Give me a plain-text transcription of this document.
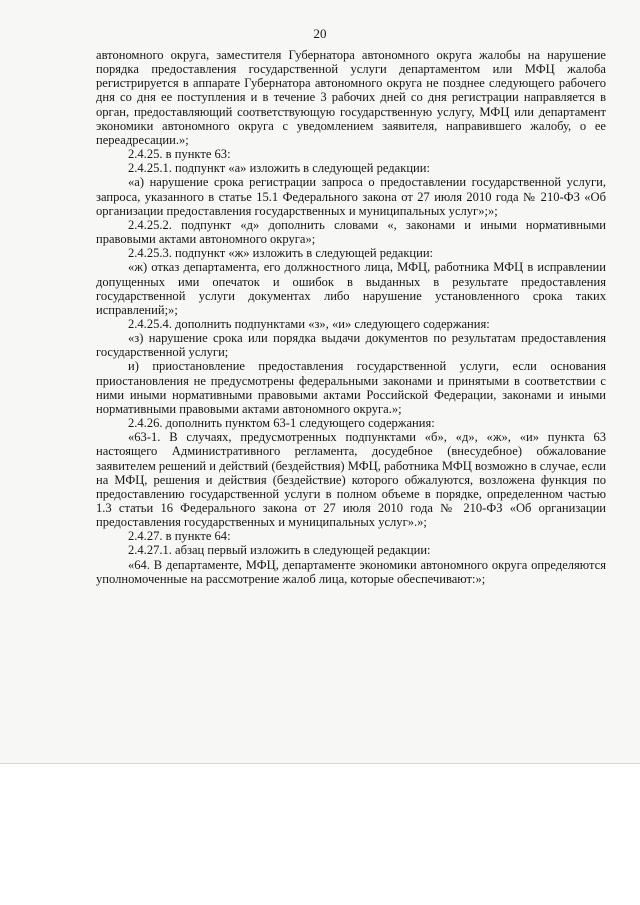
20

автономного округа, заместителя Губернатора автономного округа жалобы на нарушение порядка предоставления государственной услуги департаментом или МФЦ жалоба регистрируется в аппарате Губернатора автономного округа не позднее следующего рабочего дня со дня ее поступления и в течение 3 рабочих дней со дня регистрации направляется в орган, предоставляющий соответствующую государственную услугу, МФЦ или департамент экономики автономного округа с уведомлением заявителя, направившего жалобу, о ее переадресации.»;

2.4.25. в пункте 63:

2.4.25.1. подпункт «а» изложить в следующей редакции:

«а) нарушение срока регистрации запроса о предоставлении государственной услуги, запроса, указанного в статье 15.1 Федерального закона от 27 июля 2010 года № 210-ФЗ «Об организации предоставления государственных и муниципальных услуг»;»;

2.4.25.2. подпункт «д» дополнить словами «, законами и иными нормативными правовыми актами автономного округа»;

2.4.25.3. подпункт «ж» изложить в следующей редакции:

«ж) отказ департамента, его должностного лица, МФЦ, работника МФЦ в исправлении допущенных ими опечаток и ошибок в выданных в результате предоставления государственной услуги документах либо нарушение установленного срока таких исправлений;»;

2.4.25.4. дополнить подпунктами «з», «и» следующего содержания:

«з) нарушение срока или порядка выдачи документов по результатам предоставления государственной услуги;

и) приостановление предоставления государственной услуги, если основания приостановления не предусмотрены федеральными законами и принятыми в соответствии с ними иными нормативными правовыми актами Российской Федерации, законами и иными нормативными правовыми актами автономного округа.»;

2.4.26. дополнить пунктом 63-1 следующего содержания:

«63-1. В случаях, предусмотренных подпунктами «б», «д», «ж», «и» пункта 63 настоящего Административного регламента, досудебное (внесудебное) обжалование заявителем решений и действий (бездействия) МФЦ, работника МФЦ возможно в случае, если на МФЦ, решения и действия (бездействие) которого обжалуются, возложена функция по предоставлению государственной услуги в полном объеме в порядке, определенном частью 1.3 статьи 16 Федерального закона от 27 июля 2010 года № 210-ФЗ «Об организации предоставления государственных и муниципальных услуг».»;

2.4.27. в пункте 64:

2.4.27.1. абзац первый изложить в следующей редакции:

«64. В департаменте, МФЦ, департаменте экономики автономного округа определяются уполномоченные на рассмотрение жалоб лица, которые обеспечивают:»;
